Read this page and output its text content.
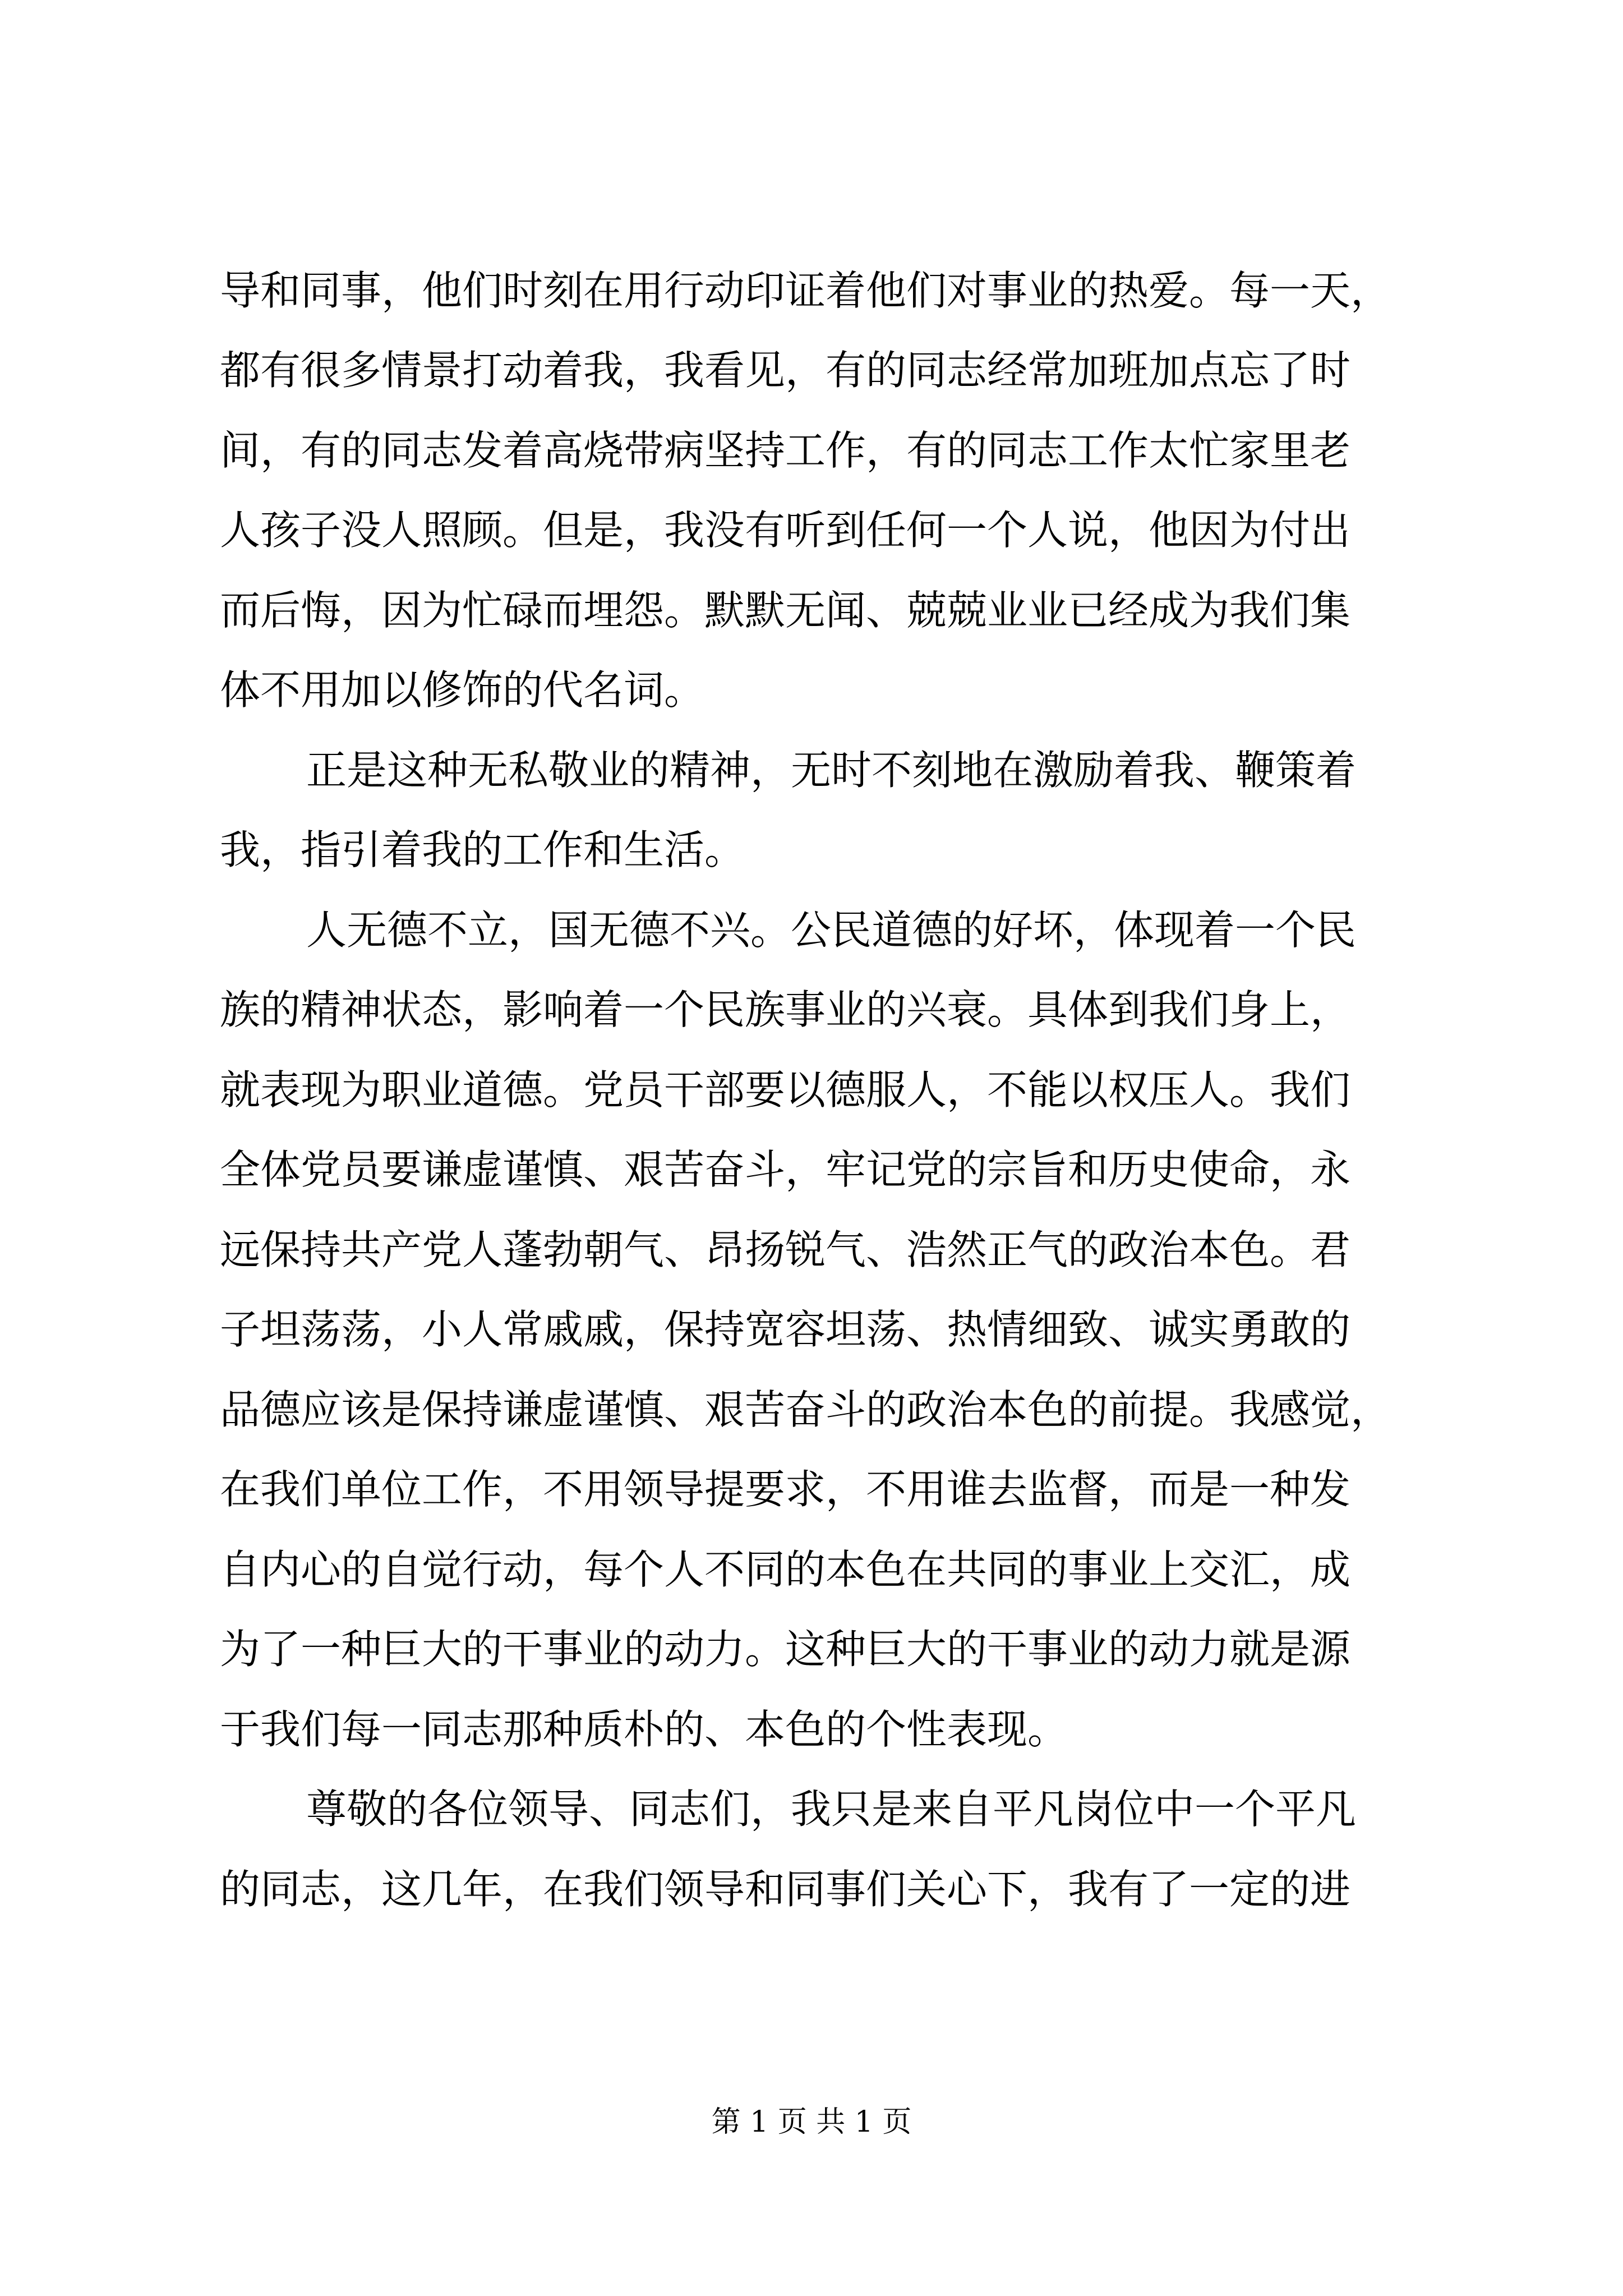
导和同事，他们时刻在用行动印证着他们对事业的热爱。每一天，
都有很多情景打动着我，我看见，有的同志经常加班加点忘了时
间，有的同志发着高烧带病坚持工作，有的同志工作太忙家里老
人孩子没人照顾。但是，我没有听到任何一个人说，他因为付出
而后悔，因为忙碌而埋怨。默默无闻、兢兢业业已经成为我们集
体不用加以修饰的代名词。
正是这种无私敬业的精神，无时不刻地在激励着我、鞭策着
我，指引着我的工作和生活。
人无德不立，国无德不兴。公民道德的好坏，体现着一个民
族的精神状态，影响着一个民族事业的兴衰。具体到我们身上，
就表现为职业道德。党员干部要以德服人，不能以权压人。我们
全体党员要谦虚谨慎、艰苦奋斗，牢记党的宗旨和历史使命，永
远保持共产党人蓬勃朝气、昂扬锐气、浩然正气的政治本色。君
子坦荡荡，小人常戚戚，保持宽容坦荡、热情细致、诚实勇敢的
品德应该是保持谦虚谨慎、艰苦奋斗的政治本色的前提。我感觉，
在我们单位工作，不用领导提要求，不用谁去监督，而是一种发
自内心的自觉行动，每个人不同的本色在共同的事业上交汇，成
为了一种巨大的干事业的动力。这种巨大的干事业的动力就是源
于我们每一同志那种质朴的、本色的个性表现。
尊敬的各位领导、同志们，我只是来自平凡岗位中一个平凡
的同志，这几年，在我们领导和同事们关心下，我有了一定的进
第 1 页 共 1 页
